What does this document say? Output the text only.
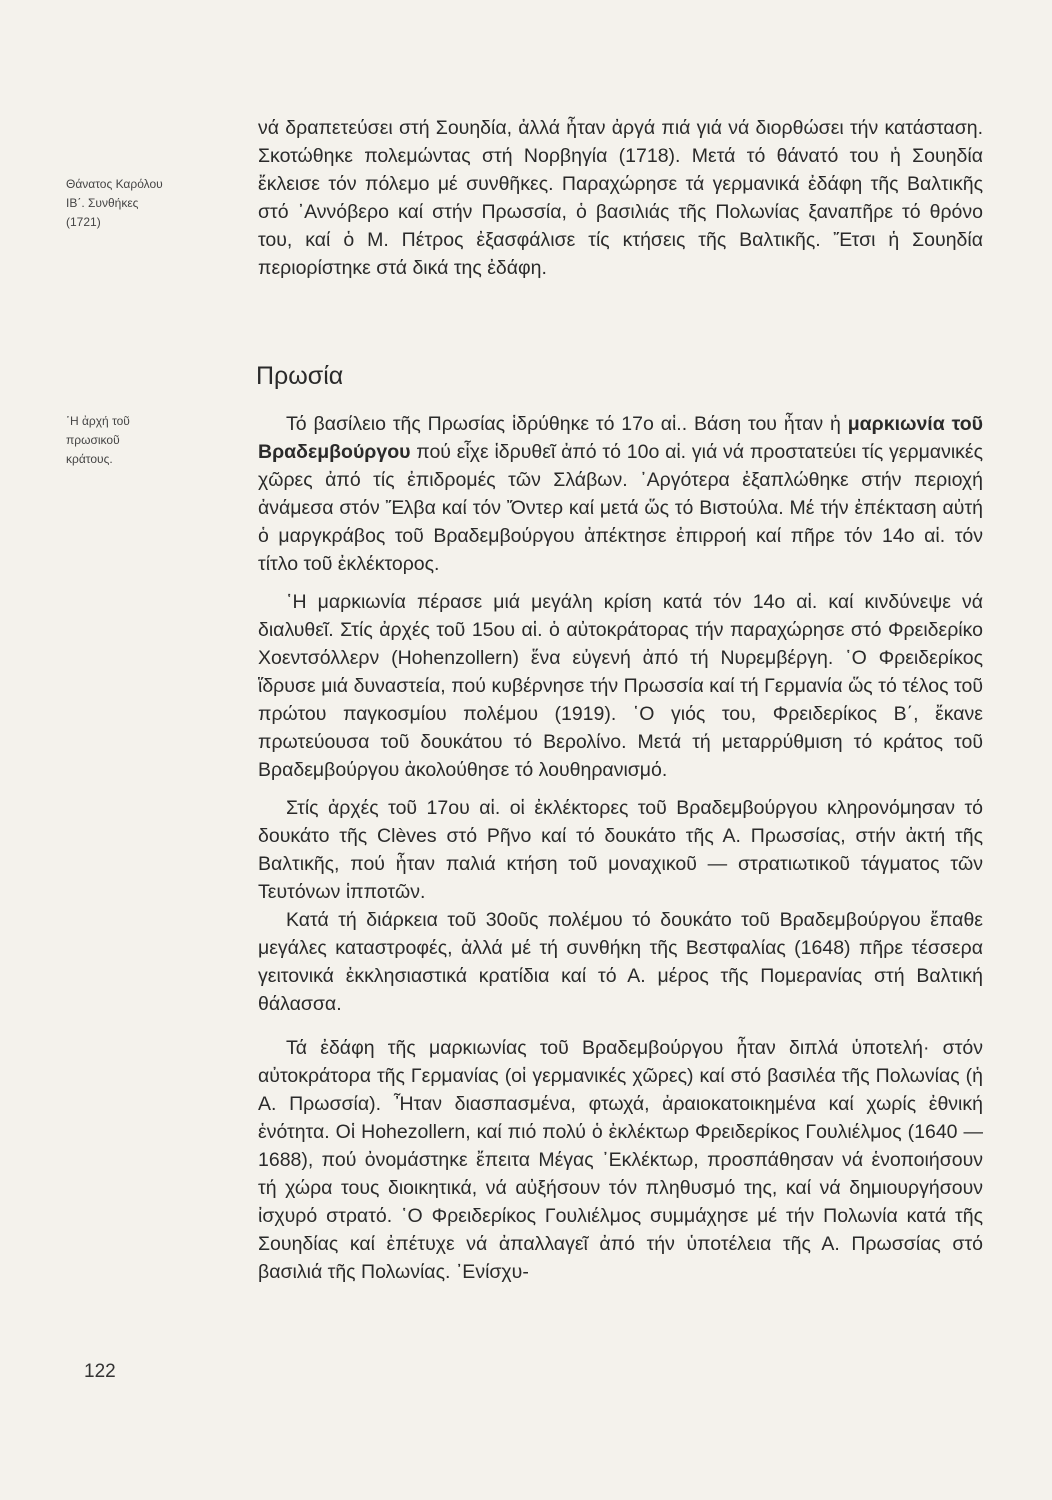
Θάνατος Καρόλου
ΙΒ΄. Συνθήκες
(1721)
῾Η ἀρχή τοῦ
πρωσικοῦ
κράτους.

νά δραπετεύσει στή Σουηδία, ἀλλά ἦταν ἀργά πιά γιά νά διορθώσει τήν κατάσταση. Σκοτώθηκε πολεμώντας στή Νορβηγία (1718). Μετά τό θάνατό του ἡ Σουηδία ἔκλεισε τόν πόλεμο μέ συνθῆκες. Παραχώρησε τά γερμανικά ἐδάφη τῆς Βαλτικῆς στό ᾿Αννόβερο καί στήν Πρωσσία, ὁ βασιλιάς τῆς Πολωνίας ξαναπῆρε τό θρόνο του, καί ὁ Μ. Πέτρος ἐξασφάλισε τίς κτήσεις τῆς Βαλτικῆς. Ἔτσι ἡ Σουηδία περιορίστηκε στά δικά της ἐδάφη.

Πρωσία

Τό βασίλειο τῆς Πρωσίας ἱδρύθηκε τό 17ο αἱ.. Βάση του ἦταν ἡ μαρκιωνία τοῦ Βραδεμβούργου πού εἶχε ἱδρυθεῖ ἀπό τό 10ο αἱ. γιά νά προστατεύει τίς γερμανικές χῶρες ἀπό τίς ἐπιδρομές τῶν Σλάβων. ᾿Αργότερα ἐξαπλώθηκε στήν περιοχή ἀνάμεσα στόν Ἔλβα καί τόν Ὄντερ καί μετά ὥς τό Βιστούλα. Μέ τήν ἐπέκταση αὐτή ὁ μαργκράβος τοῦ Βραδεμβούργου ἀπέκτησε ἐπιρροή καί πῆρε τόν 14ο αἱ. τόν τίτλο τοῦ ἐκλέκτορος.

῾Η μαρκιωνία πέρασε μιά μεγάλη κρίση κατά τόν 14ο αἱ. καί κινδύνεψε νά διαλυθεῖ. Στίς ἀρχές τοῦ 15ου αἱ. ὁ αὐτοκράτορας τήν παραχώρησε στό Φρειδερίκο Χοεντσόλλερν (Hohenzollern) ἕνα εὐγενή ἀπό τή Νυρεμβέργη. ῾Ο Φρειδερίκος ἵδρυσε μιά δυναστεία, πού κυβέρνησε τήν Πρωσσία καί τή Γερμανία ὥς τό τέλος τοῦ πρώτου παγκοσμίου πολέμου (1919). ῾Ο γιός του, Φρειδερίκος Β΄, ἔκανε πρωτεύουσα τοῦ δουκάτου τό Βερολίνο. Μετά τή μεταρρύθμιση τό κράτος τοῦ Βραδεμβούργου ἀκολούθησε τό λουθηρανισμό.

Στίς ἀρχές τοῦ 17ου αἱ. οἱ ἐκλέκτορες τοῦ Βραδεμβούργου κληρονόμησαν τό δουκάτο τῆς Clèves στό Ρῆνο καί τό δουκάτο τῆς Α. Πρωσσίας, στήν ἀκτή τῆς Βαλτικῆς, πού ἦταν παλιά κτήση τοῦ μοναχικοῦ — στρατιωτικοῦ τάγματος τῶν Τευτόνων ἱπποτῶν.

Κατά τή διάρκεια τοῦ 30οῦς πολέμου τό δουκάτο τοῦ Βραδεμβούργου ἔπαθε μεγάλες καταστροφές, ἀλλά μέ τή συνθήκη τῆς Βεστφαλίας (1648) πῆρε τέσσερα γειτονικά ἐκκλησιαστικά κρατίδια καί τό Α. μέρος τῆς Πομερανίας στή Βαλτική θάλασσα.

Τά ἐδάφη τῆς μαρκιωνίας τοῦ Βραδεμβούργου ἦταν διπλά ὑποτελή· στόν αὐτοκράτορα τῆς Γερμανίας (οἱ γερμανικές χῶρες) καί στό βασιλέα τῆς Πολωνίας (ἡ Α. Πρωσσία). Ἦταν διασπασμένα, φτωχά, ἀραιοκατοικημένα καί χωρίς ἐθνική ἑνότητα. Οἱ Hohezollern, καί πιό πολύ ὁ ἐκλέκτωρ Φρειδερίκος Γουλιέλμος (1640 — 1688), πού ὀνομάστηκε ἔπειτα Μέγας ᾿Εκλέκτωρ, προσπάθησαν νά ἑνοποιήσουν τή χώρα τους διοικητικά, νά αὐξήσουν τόν πληθυσμό της, καί νά δημιουργήσουν ἰσχυρό στρατό. ῾Ο Φρειδερίκος Γουλιέλμος συμμάχησε μέ τήν Πολωνία κατά τῆς Σουηδίας καί ἐπέτυχε νά ἀπαλλαγεῖ ἀπό τήν ὑποτέλεια τῆς Α. Πρωσσίας στό βασιλιά τῆς Πολωνίας. ᾿Ενίσχυ-

122
